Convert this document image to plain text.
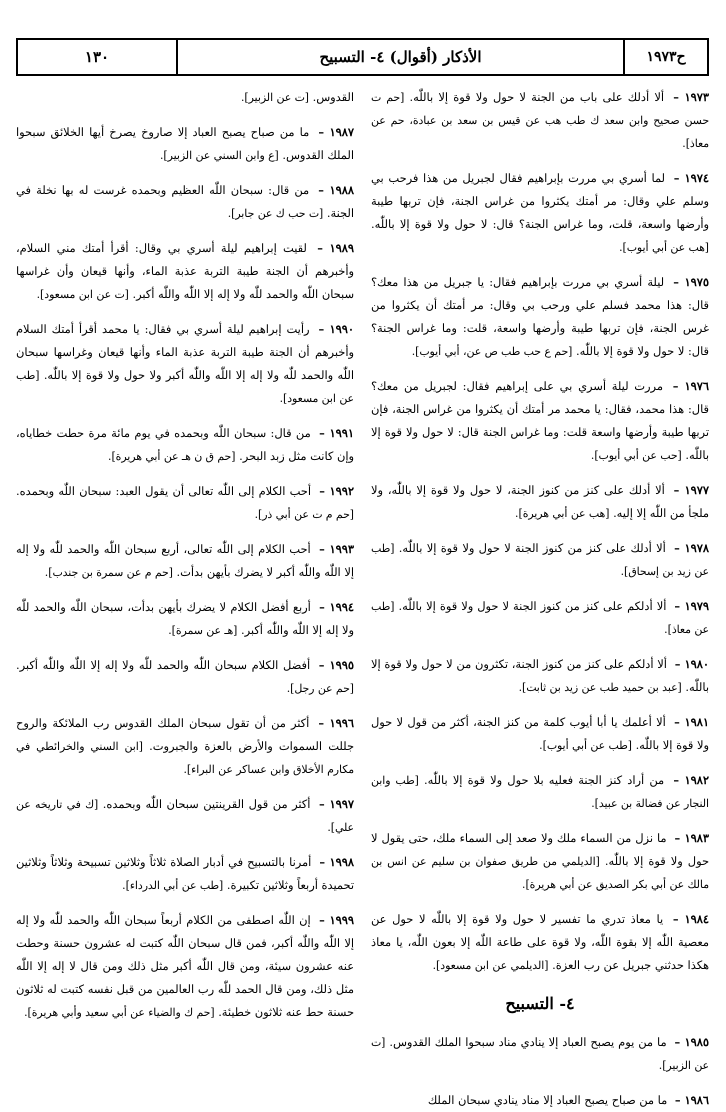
ح١٩٧٣
الأذكار (أقوال) ٤- التسبيح
١٣٠

١٩٧٣ – ألا أدلك على باب من الجنة لا حول ولا قوة إلا باللّٰه. [حم ت حسن صحيح وابن سعد ك طب هب عن قيس بن سعد بن عبادة، حم عن معاذ].

١٩٧٤ – لما أسري بي مررت بإبراهيم فقال لجبريل من هذا فرحب بي وسلم علي وقال: مر أمتك يكثروا من غراس الجنة، فإن تربها طيبة وأرضها واسعة، قلت، وما غراس الجنة؟ قال: لا حول ولا قوة إلا باللّٰه. [هب عن أبي أيوب].

١٩٧٥ – ليلة أسري بي مررت بإبراهيم فقال: يا جبريل من هذا معك؟ قال: هذا محمد فسلم علي ورحب بي وقال: مر أمتك أن يكثروا من غرس الجنة، فإن تربها طيبة وأرضها واسعة، قلت: وما غراس الجنة؟ قال: لا حول ولا قوة إلا باللّٰه. [حم ع حب طب ص عن، أبي أيوب].

١٩٧٦ – مررت ليلة أسري بي على إبراهيم فقال: لجبريل من معك؟ قال: هذا محمد، فقال: يا محمد مر أمتك أن يكثروا من غراس الجنة، فإن تربها طيبة وأرضها واسعة قلت: وما غراس الجنة قال: لا حول ولا قوة إلا باللّٰه. [حب عن أبي أيوب].

١٩٧٧ – ألا أدلك على كنز من كنوز الجنة، لا حول ولا قوة إلا باللّٰه، ولا ملجأ من اللّٰه إلا إليه. [هب عن أبي هريرة].

١٩٧٨ – ألا أدلك على كنز من كنوز الجنة لا حول ولا قوة إلا باللّٰه. [طب عن زيد بن إسحاق].

١٩٧٩ – ألا أدلكم على كنز من كنوز الجنة لا حول ولا قوة إلا باللّٰه. [طب عن معاذ].

١٩٨٠ – ألا أدلكم على كنز من كنوز الجنة، تكثرون من لا حول ولا قوة إلا باللّٰه. [عبد بن حميد طب عن زيد بن ثابت].

١٩٨١ – ألا أعلمك يا أبا أيوب كلمة من كنز الجنة، أكثر من قول لا حول ولا قوة إلا باللّٰه. [طب عن أبي أيوب].

١٩٨٢ – من أراد كنز الجنة فعليه بلا حول ولا قوة إلا باللّٰه. [طب وابن النجار عن فضالة بن عبيد].

١٩٨٣ – ما نزل من السماء ملك ولا صعد إلى السماء ملك، حتى يقول لا حول ولا قوة إلا باللّٰه. [الديلمي من طريق صفوان بن سليم عن انس بن مالك عن أبي بكر الصديق عن أبي هريرة].

١٩٨٤ – يا معاذ تدري ما تفسير لا حول ولا قوة إلا باللّٰه لا حول عن معصية اللّٰه إلا بقوة اللّٰه، ولا قوة على طاعة اللّٰه إلا بعون اللّٰه، يا معاذ هكذا حدثني جبريل عن رب العزة. [الديلمي عن ابن مسعود].

٤- التسبيح

١٩٨٥ – ما من يوم يصبح العباد إلا ينادي مناد سبحوا الملك القدوس. [ت عن الزبير].

١٩٨٦ – ما من صباح يصبح العباد إلا مناد ينادي سبحان الملك

القدوس. [ت عن الزبير].

١٩٨٧ – ما من صباح يصبح العباد إلا صاروخ يصرخ أيها الخلائق سبحوا الملك القدوس. [ع وابن السني عن الزبير].

١٩٨٨ – من قال: سبحان اللّٰه العظيم وبحمده غرست له بها نخلة في الجنة. [ت حب ك عن جابر].

١٩٨٩ – لقيت إبراهيم ليلة أسري بي وقال: أقرأ أمتك مني السلام، وأخبرهم أن الجنة طيبة التربة عذبة الماء، وأنها قيعان وأن غراسها سبحان اللّٰه والحمد للّٰه ولا إله إلا اللّٰه واللّٰه أكبر. [ت عن ابن مسعود].

١٩٩٠ – رأيت إبراهيم ليلة أسري بي فقال: يا محمد أقرأ أمتك السلام وأخبرهم أن الجنة طيبة التربة عذبة الماء وأنها قيعان وغراسها سبحان اللّٰه والحمد للّٰه ولا إله إلا اللّٰه واللّٰه أكبر ولا حول ولا قوة إلا باللّٰه. [طب عن ابن مسعود].

١٩٩١ – من قال: سبحان اللّٰه وبحمده في يوم مائة مرة حطت خطاياه، وإن كانت مثل زبد البحر. [حم ق ن هـ عن أبي هريرة].

١٩٩٢ – أحب الكلام إلى اللّٰه تعالى أن يقول العبد: سبحان اللّٰه وبحمده. [حم م ت عن أبي ذر].

١٩٩٣ – أحب الكلام إلى اللّٰه تعالى، أربع سبحان اللّٰه والحمد للّٰه ولا إله إلا اللّٰه واللّٰه أكبر لا يضرك بأيهن بدأت. [حم م عن سمرة بن جندب].

١٩٩٤ – أربع أفضل الكلام لا يضرك بأيهن بدأت، سبحان اللّٰه والحمد للّٰه ولا إله إلا اللّٰه واللّٰه أكبر. [هـ عن سمرة].

١٩٩٥ – أفضل الكلام سبحان اللّٰه والحمد للّٰه ولا إله إلا اللّٰه واللّٰه أكبر. [حم عن رجل].

١٩٩٦ – أكثر من أن تقول سبحان الملك القدوس رب الملائكة والروح جللت السموات والأرض بالعزة والجبروت. [ابن السني والخرائطي في مكارم الأخلاق وابن عساكر عن البراء].

١٩٩٧ – أكثر من قول القرينتين سبحان اللّٰه وبحمده. [ك في تاريخه عن علي].

١٩٩٨ – أمرنا بالتسبيح في أدبار الصلاة ثلاثاً وثلاثين تسبيحة وثلاثاً وثلاثين تحميدة أربعاً وثلاثين تكبيرة. [طب عن أبي الدرداء].

١٩٩٩ – إن اللّٰه اصطفى من الكلام أربعاً سبحان اللّٰه والحمد للّٰه ولا إله إلا اللّٰه واللّٰه أكبر، فمن قال سبحان اللّٰه كتبت له عشرون حسنة وحطت عنه عشرون سيئة، ومن قال اللّٰه أكبر مثل ذلك ومن قال لا إله إلا اللّٰه مثل ذلك، ومن قال الحمد للّٰه رب العالمين من قبل نفسه كتبت له ثلاثون حسنة حط عنه ثلاثون خطيئة. [حم ك والضياء عن أبي سعيد وأبي هريرة].
